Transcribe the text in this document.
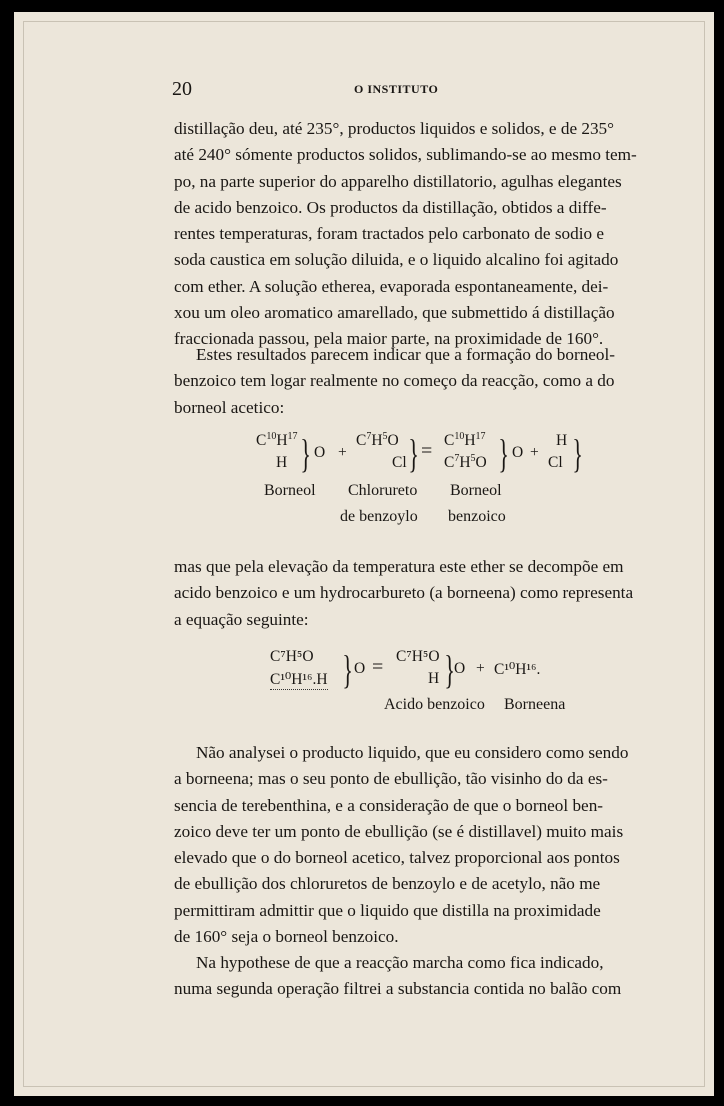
20	O INSTITUTO
distillação deu, até 235°, productos liquidos e solidos, e de 235°
até 240° sómente productos solidos, sublimando-se ao mesmo tem-
po, na parte superior do apparelho distillatorio, agulhas elegantes
de acido benzoico. Os productos da distillação, obtidos a diffe-
rentes temperaturas, foram tractados pelo carbonato de sodio e
soda caustica em solução diluida, e o liquido alcalino foi agitado
com ether. A solução etherea, evaporada espontaneamente, dei-
xou um oleo aromatico amarellado, que submettido á distillação
fraccionada passou, pela maior parte, na proximidade de 160°.
Estes resultados parecem indicar que a formação do borneol-
benzoico tem logar realmente no começo da reacção, como a do
borneol acetico:
$C^{10}H^{17}$
H } O +
$C^7H^5O$
Cl } = $C^{10}H^{17}$
$C^7H^5O$ } O +
H
Cl }
Borneol Chlorureto
de benzoylo
Borneol
benzoico
mas que pela elevação da temperatura este ether se decompõe em
acido benzoico e um hydrocarbureto (a borneena) como representa
a equação seguinte:
C⁷H⁵O
C¹⁰H¹⁶.H } O = C⁷H⁵O
H } O + C¹⁰H¹⁶.
Acido benzoico Borneena
Não analysei o producto liquido, que eu considero como sendo
a borneena; mas o seu ponto de ebullição, tão visinho do da es-
sencia de terebenthina, e a consideração de que o borneol ben-
zoico deve ter um ponto de ebullição (se é distillavel) muito mais
elevado que o do borneol acetico, talvez proporcional aos pontos
de ebullição dos chloruretos de benzoylo e de acetylo, não me
permittiram admittir que o liquido que distilla na proximidade
de 160° seja o borneol benzoico.
Na hypothese de que a reacção marcha como fica indicado,
numa segunda operação filtrei a substancia contida no balão com
